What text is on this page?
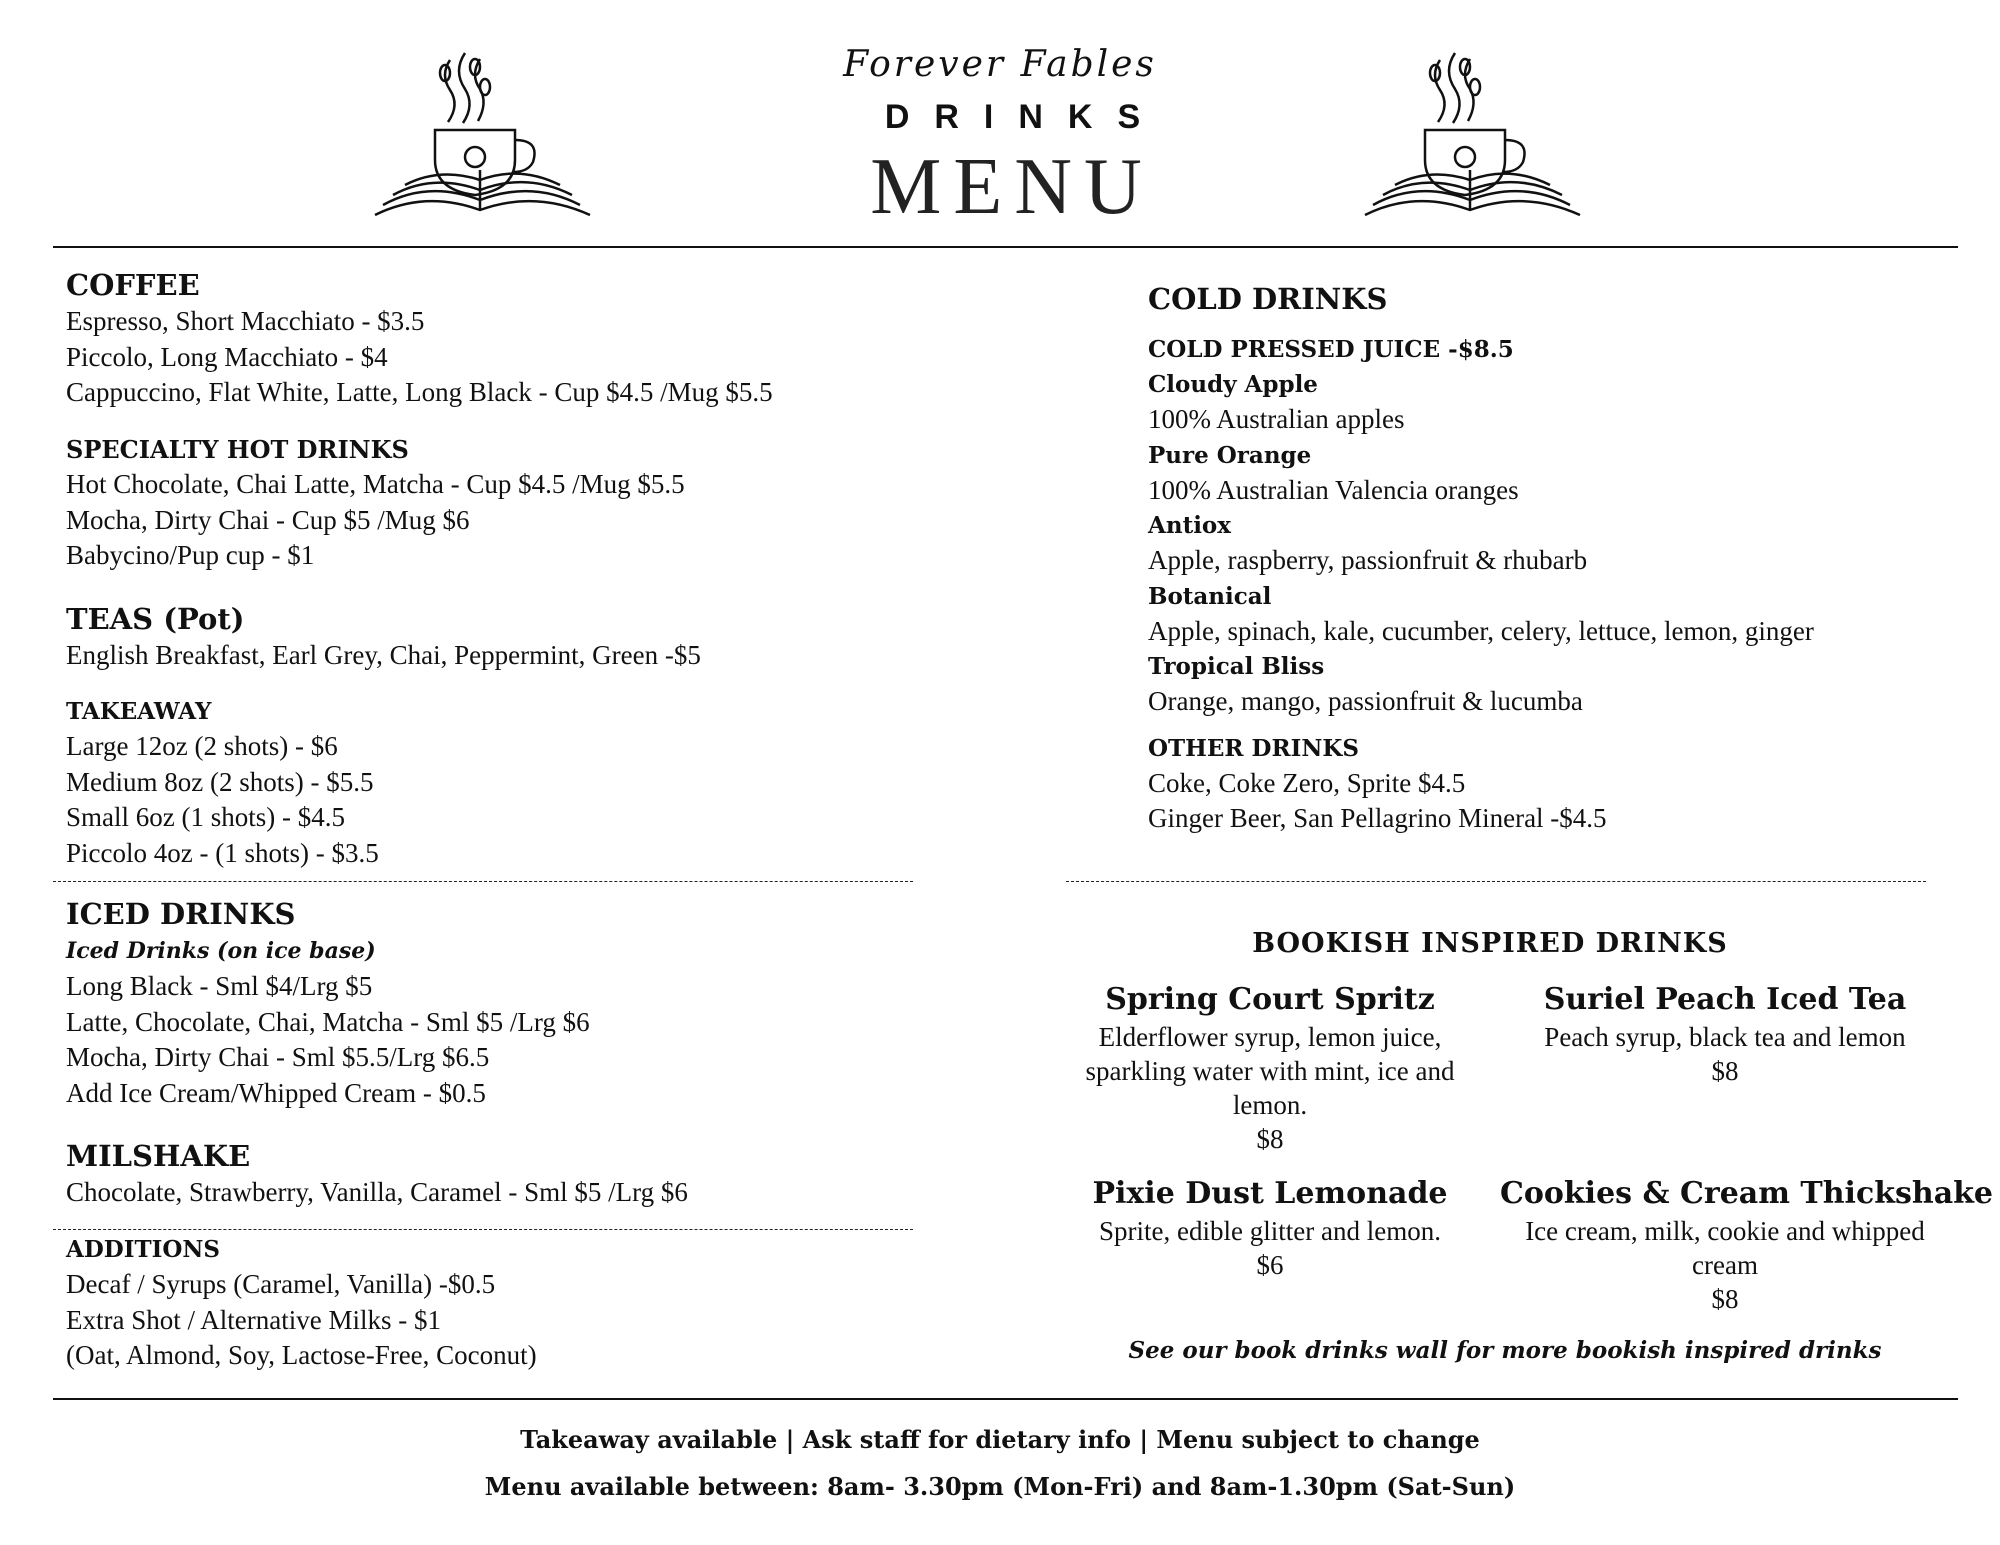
Forever Fables
DRINKS
MENU
COFFEE
Espresso, Short Macchiato - $3.5
Piccolo, Long Macchiato - $4
Cappuccino, Flat White, Latte, Long Black - Cup $4.5 /Mug $5.5
SPECIALTY HOT DRINKS
Hot Chocolate, Chai Latte, Matcha - Cup $4.5 /Mug $5.5
Mocha, Dirty Chai - Cup $5 /Mug $6
Babycino/Pup cup - $1
TEAS (Pot)
English Breakfast, Earl Grey, Chai, Peppermint, Green -$5
TAKEAWAY
Large 12oz (2 shots) - $6
Medium 8oz (2 shots) - $5.5
Small 6oz (1 shots) - $4.5
Piccolo 4oz - (1 shots) - $3.5
ICED DRINKS
Iced Drinks (on ice base)
Long Black - Sml $4/Lrg $5
Latte, Chocolate, Chai, Matcha - Sml $5 /Lrg $6
Mocha, Dirty Chai - Sml $5.5/Lrg $6.5
Add Ice Cream/Whipped Cream - $0.5
MILSHAKE
Chocolate, Strawberry, Vanilla, Caramel - Sml $5 /Lrg $6
ADDITIONS
Decaf / Syrups (Caramel, Vanilla) -$0.5
Extra Shot / Alternative Milks - $1
(Oat, Almond, Soy, Lactose-Free, Coconut)
COLD DRINKS
COLD PRESSED JUICE -$8.5
Cloudy Apple
100% Australian apples
Pure Orange
100% Australian Valencia oranges
Antiox
Apple, raspberry, passionfruit & rhubarb
Botanical
Apple, spinach, kale, cucumber, celery, lettuce, lemon, ginger
Tropical Bliss
Orange, mango, passionfruit & lucumba
OTHER DRINKS
Coke, Coke Zero, Sprite $4.5
Ginger Beer, San Pellagrino Mineral -$4.5
BOOKISH INSPIRED DRINKS
Spring Court Spritz
Elderflower syrup, lemon juice, sparkling water with mint, ice and lemon.
$8
Suriel Peach Iced Tea
Peach syrup, black tea and lemon
$8
Pixie Dust Lemonade
Sprite, edible glitter and lemon.
$6
Cookies & Cream Thickshake
Ice cream, milk, cookie and whipped cream
$8
See our book drinks wall for more bookish inspired drinks
Takeaway available | Ask staff for dietary info | Menu subject to change
Menu available between: 8am- 3.30pm (Mon-Fri) and 8am-1.30pm (Sat-Sun)
